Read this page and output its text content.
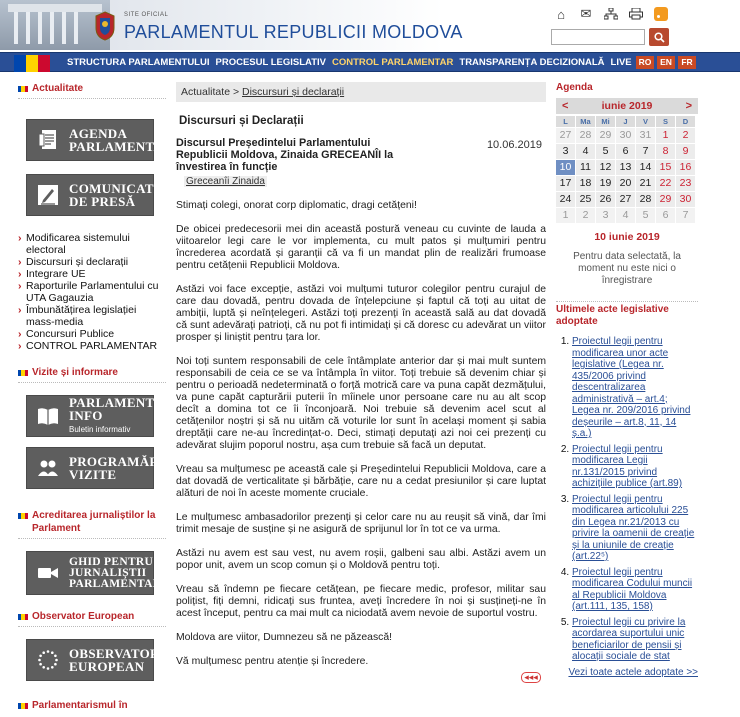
SITE OFICIAL
PARLAMENTUL REPUBLICII MOLDOVA
⌂	✉
STRUCTURA PARLAMENTULUI PROCESUL LEGISLATIV CONTROL PARLAMENTAR TRANSPARENȚA DECIZIONALĂ LIVE RO	EN	FR
Actualitate
AGENDA
PARLAMENTARĂ
COMUNICATE
DE PRESĂ
› Modificarea sistemului electoral
› Discursuri și declarații
› Integrare UE
› Raporturile Parlamentului cu UTA Gagauzia
› Îmbunătățirea legislației mass-media
› Concursuri Publice
› CONTROL PARLAMENTAR
Vizite și informare
PARLAMENT
INFO
Buletin informativ
PROGRAMĂRI
VIZITE
Acreditarea jurnaliștilor la Parlament
GHID PENTRU
JURNALIȘTII
PARLAMENTARI
Observator European
OBSERVATOR
EUROPEAN
Parlamentarismul în
Actualitate > Discursuri și declarații
Discursuri și Declarații
Discursul Președintelui Parlamentului Republicii Moldova, Zinaida GRECEANÎI la învestirea în funcție
10.06.2019
Greceanîi Zinaida
Stimați colegi, onorat corp diplomatic, dragi cetățeni!
De obicei predecesorii mei din această postură veneau cu cuvinte de lauda a viitoarelor legi care le vor implementa, cu mult patos și mulțumiri pentru încrederea acordată și garanții că va fi un mandat plin de realizări frumoase pentru cetățenii Republicii Moldova.
Astăzi voi face excepție, astăzi voi mulțumi tuturor colegilor pentru curajul de care dau dovadă, pentru dovada de înțelepciune și faptul că toți au uitat de ambiții, luptă și neînțelegeri. Astăzi toți prezenți în această sală au dat dovadă că sunt adevărați patrioți, că nu pot fi intimidați și că doresc cu adevărat un viitor prosper și liniștit pentru țara lor.
Noi toți suntem responsabili de cele întâmplate anterior dar și mai mult suntem responsabili de ceia ce se va întâmpla în viitor. Toți trebuie să devenim chiar și pentru o perioadă nedeterminată o forță motrică care va puna capăt dezmățului, va pune capăt capturării puterii în mîinele unor persoane care nu au alt scop decît a domina tot ce îi înconjoară. Noi trebuie să devenim acel scut al cetățenilor noștri și să nu uităm că voturile lor sunt în același moment și sabia dreptății care ne-au încredințat-o. Deci, stimați deputați azi noi cei prezenți cu adevărat slujim poporul nostru, așa cum trebuie să facă un deputat.
Vreau sa mulțumesc pe această cale și Președintelui Republicii Moldova, care a dat dovadă de verticalitate și bărbăție, care nu a cedat presiunilor și care luptat alături de noi în aceste momente cruciale.
Le mulțumesc ambasadorilor prezenți și celor care nu au reușit să vină, dar îmi trimit mesaje de susține și ne asigură de sprijunul lor în tot ce va urma.
Astăzi nu avem est sau vest, nu avem roșii, galbeni sau albi. Astăzi avem un popor unit, avem un scop comun și o Moldovă pentru toți.
Vreau să îndemn pe fiecare cetățean, pe fiecare medic, profesor, militar sau polițist, fiți demni, ridicați sus fruntea, aveți încredere în noi și susțineți-ne în acest început, pentru ca mai mult ca niciodată avem nevoie de suportul vostru.
Moldova are viitor, Dumnezeu să ne păzească!
Vă mulțumesc pentru atenție și încredere.
◂◂◂
Agenda
<	iunie 2019	>
L	Ma	Mi	J	V	S	D
27 28 29 30 31	1	2
3	4	5	6	7	8	9
10 11 12 13 14 15 16
17 18 19 20 21 22 23
24 25 26 27 28 29 30
1	2	3	4	5	6	7
10 iunie 2019
Pentru data selectată, la moment nu este nici o înregistrare
Ultimele acte legislative adoptate
1. Proiectul legii pentru modificarea unor acte legislative (Legea nr. 435/2006 privind descentralizarea administrativă – art.4; Legea nr. 209/2016 privind deșeurile – art.8, 11, 14 ș.a.)
2. Proiectul legii pentru modificarea Legii nr.131/2015 privind achizițiile publice (art.89)
3. Proiectul legii pentru modificarea articolului 225 din Legea nr.21/2013 cu privire la oamenii de creație și la uniunile de creație (art.22⁵)
4. Proiectul legii pentru modificarea Codului muncii al Republicii Moldova (art.111, 135, 158)
5. Proiectul legii cu privire la acordarea suportului unic beneficiarilor de pensii și alocații sociale de stat
Vezi toate actele adoptate >>
